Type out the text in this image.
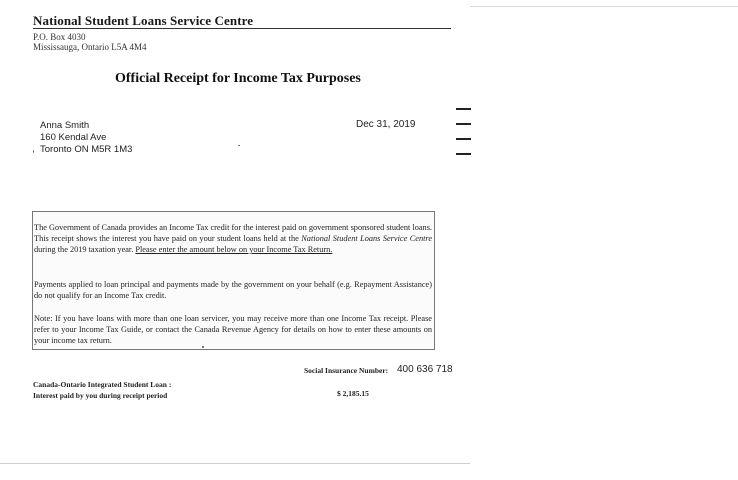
National Student Loans Service Centre
P.O. Box 4030
Mississauga, Ontario L5A 4M4
Official Receipt for Income Tax Purposes
Anna Smith
160 Kendal Ave
Toronto ON M5R 1M3
Dec 31, 2019
The Government of Canada provides an Income Tax credit for the interest paid on government sponsored student loans. This receipt shows the interest you have paid on your student loans held at the National Student Loans Service Centre during the 2019 taxation year. Please enter the amount below on your Income Tax Return.
Payments applied to loan principal and payments made by the government on your behalf (e.g. Repayment Assistance) do not qualify for an Income Tax credit.
Note: If you have loans with more than one loan servicer, you may receive more than one Income Tax receipt. Please refer to your Income Tax Guide, or contact the Canada Revenue Agency for details on how to enter these amounts on your income tax return.
Social Insurance Number: 400 636 718
Canada-Ontario Integrated Student Loan :
Interest paid by you during receipt period	$ 2,185.15
